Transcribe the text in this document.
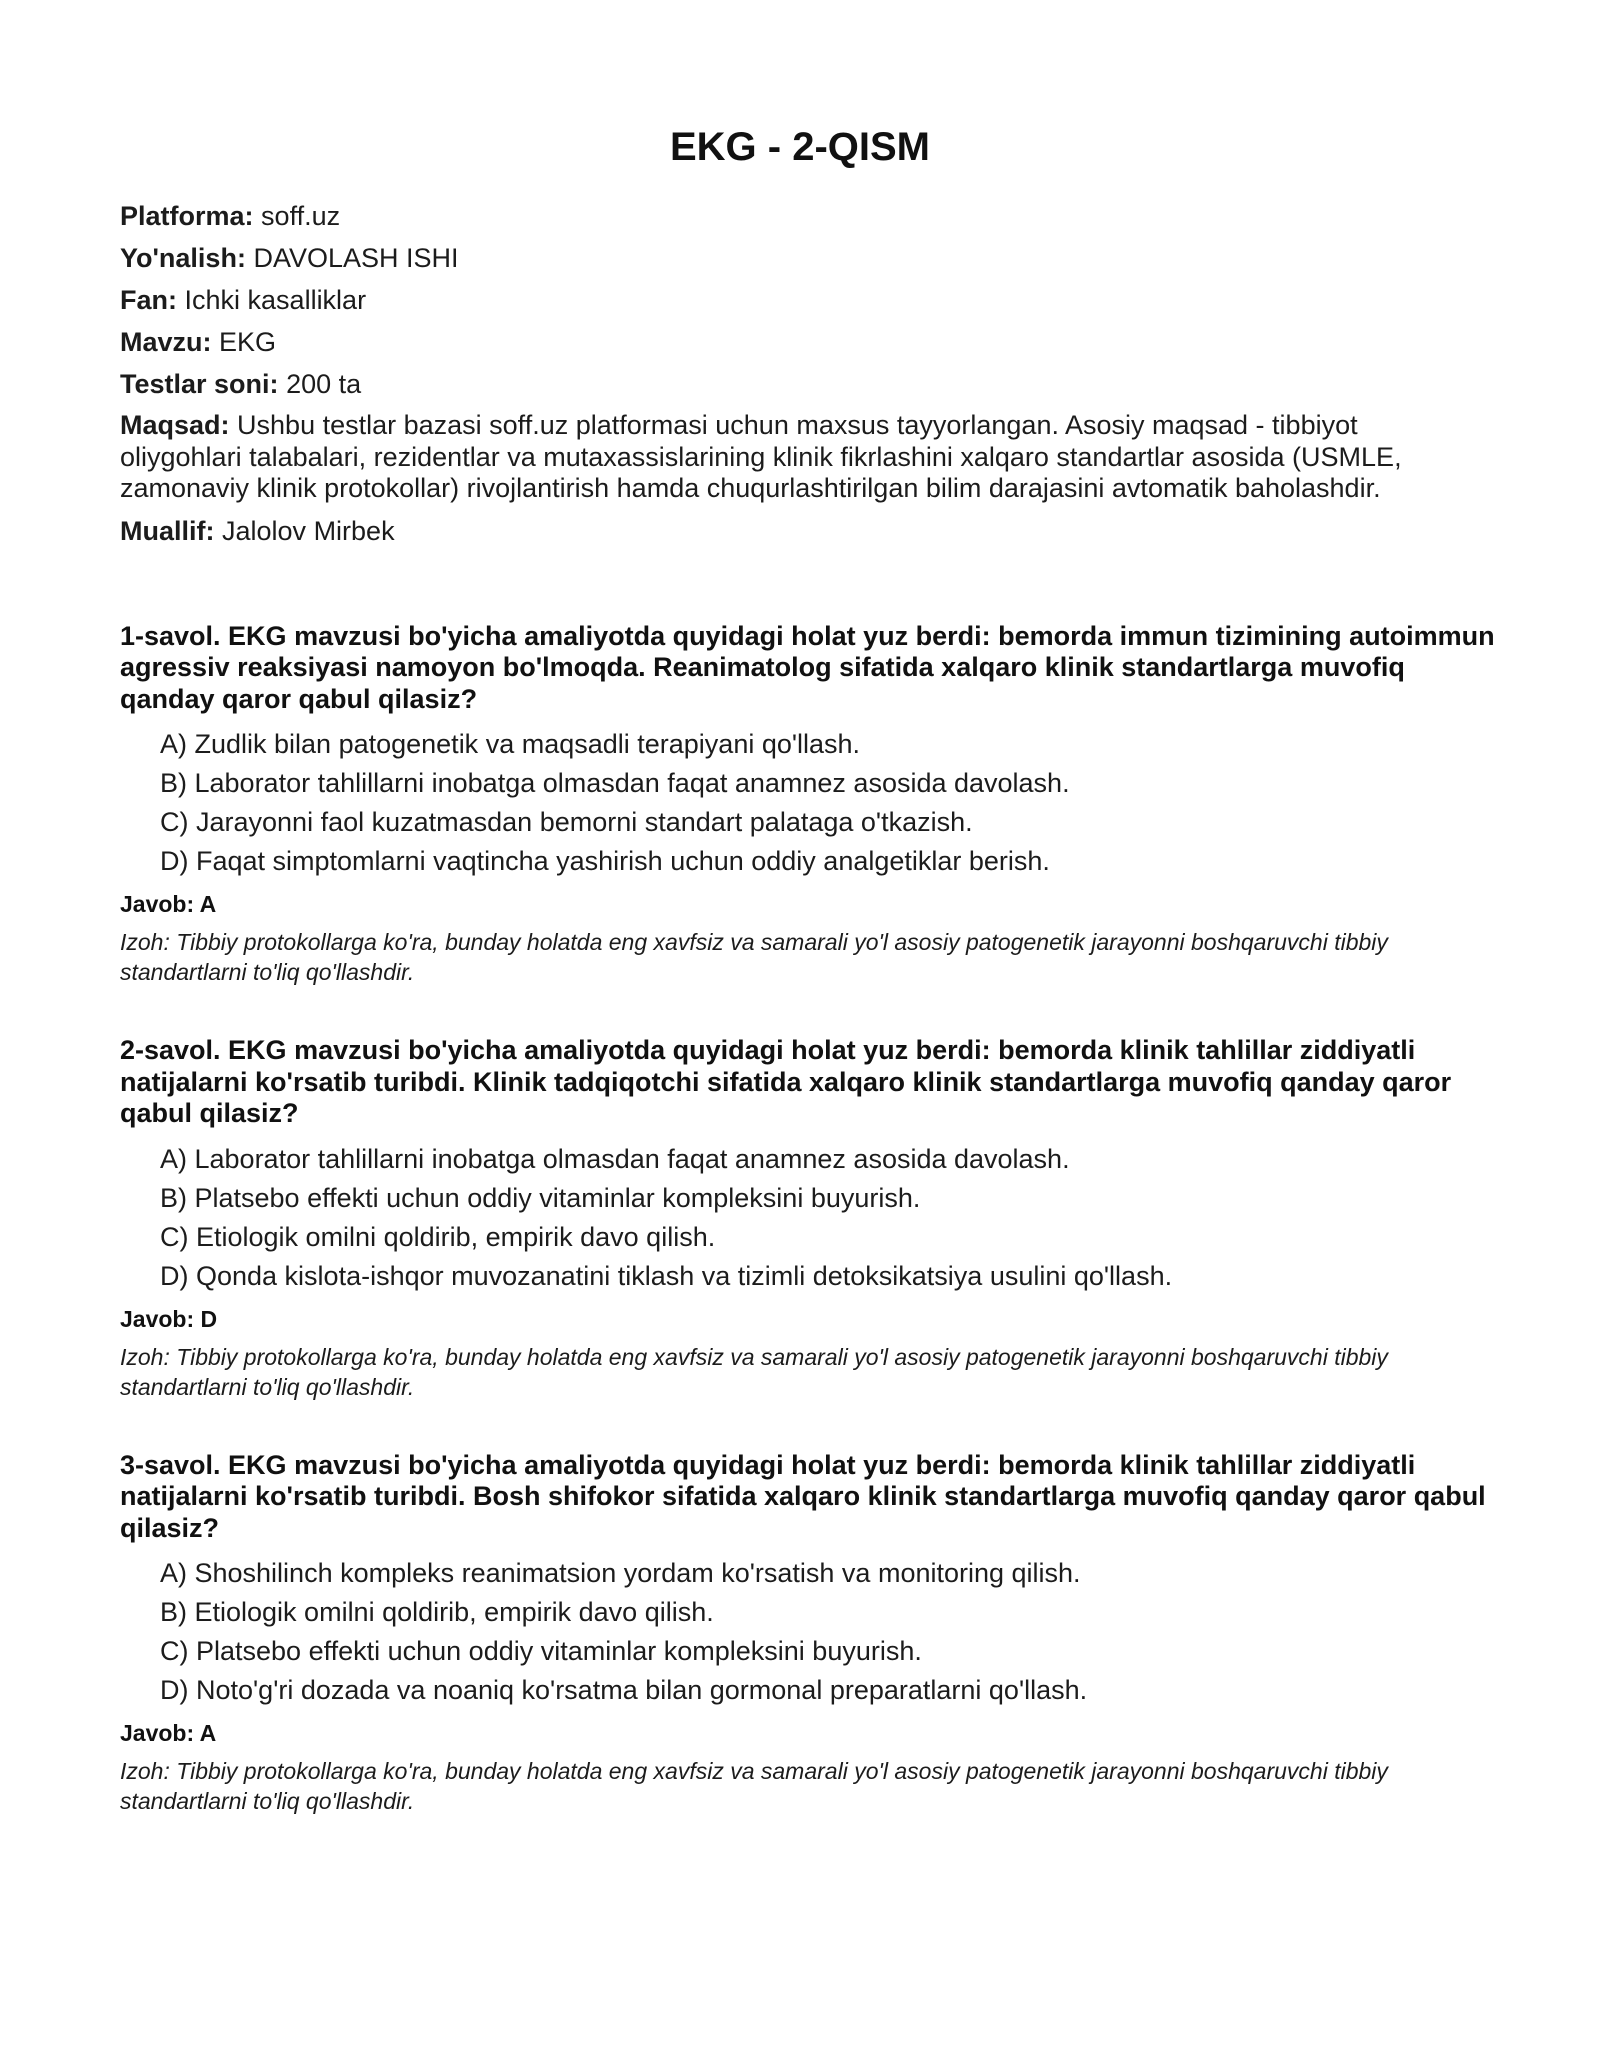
EKG - 2-QISM
Platforma: soff.uz
Yo'nalish: DAVOLASH ISHI
Fan: Ichki kasalliklar
Mavzu: EKG
Testlar soni: 200 ta
Maqsad: Ushbu testlar bazasi soff.uz platformasi uchun maxsus tayyorlangan. Asosiy maqsad - tibbiyot oliygohlari talabalari, rezidentlar va mutaxassislarining klinik fikrlashini xalqaro standartlar asosida (USMLE, zamonaviy klinik protokollar) rivojlantirish hamda chuqurlashtirilgan bilim darajasini avtomatik baholashdir.
Muallif: Jalolov Mirbek
1-savol. EKG mavzusi bo'yicha amaliyotda quyidagi holat yuz berdi: bemorda immun tizimining autoimmun agressiv reaksiyasi namoyon bo'lmoqda. Reanimatolog sifatida xalqaro klinik standartlarga muvofiq qanday qaror qabul qilasiz?
A) Zudlik bilan patogenetik va maqsadli terapiyani qo'llash.
B) Laborator tahlillarni inobatga olmasdan faqat anamnez asosida davolash.
C) Jarayonni faol kuzatmasdan bemorni standart palataga o'tkazish.
D) Faqat simptomlarni vaqtincha yashirish uchun oddiy analgetiklar berish.
Javob: A
Izoh: Tibbiy protokollarga ko'ra, bunday holatda eng xavfsiz va samarali yo'l asosiy patogenetik jarayonni boshqaruvchi tibbiy standartlarni to'liq qo'llashdir.
2-savol. EKG mavzusi bo'yicha amaliyotda quyidagi holat yuz berdi: bemorda klinik tahlillar ziddiyatli natijalarni ko'rsatib turibdi. Klinik tadqiqotchi sifatida xalqaro klinik standartlarga muvofiq qanday qaror qabul qilasiz?
A) Laborator tahlillarni inobatga olmasdan faqat anamnez asosida davolash.
B) Platsebo effekti uchun oddiy vitaminlar kompleksini buyurish.
C) Etiologik omilni qoldirib, empirik davo qilish.
D) Qonda kislota-ishqor muvozanatini tiklash va tizimli detoksikatsiya usulini qo'llash.
Javob: D
Izoh: Tibbiy protokollarga ko'ra, bunday holatda eng xavfsiz va samarali yo'l asosiy patogenetik jarayonni boshqaruvchi tibbiy standartlarni to'liq qo'llashdir.
3-savol. EKG mavzusi bo'yicha amaliyotda quyidagi holat yuz berdi: bemorda klinik tahlillar ziddiyatli natijalarni ko'rsatib turibdi. Bosh shifokor sifatida xalqaro klinik standartlarga muvofiq qanday qaror qabul qilasiz?
A) Shoshilinch kompleks reanimatsion yordam ko'rsatish va monitoring qilish.
B) Etiologik omilni qoldirib, empirik davo qilish.
C) Platsebo effekti uchun oddiy vitaminlar kompleksini buyurish.
D) Noto'g'ri dozada va noaniq ko'rsatma bilan gormonal preparatlarni qo'llash.
Javob: A
Izoh: Tibbiy protokollarga ko'ra, bunday holatda eng xavfsiz va samarali yo'l asosiy patogenetik jarayonni boshqaruvchi tibbiy standartlarni to'liq qo'llashdir.
